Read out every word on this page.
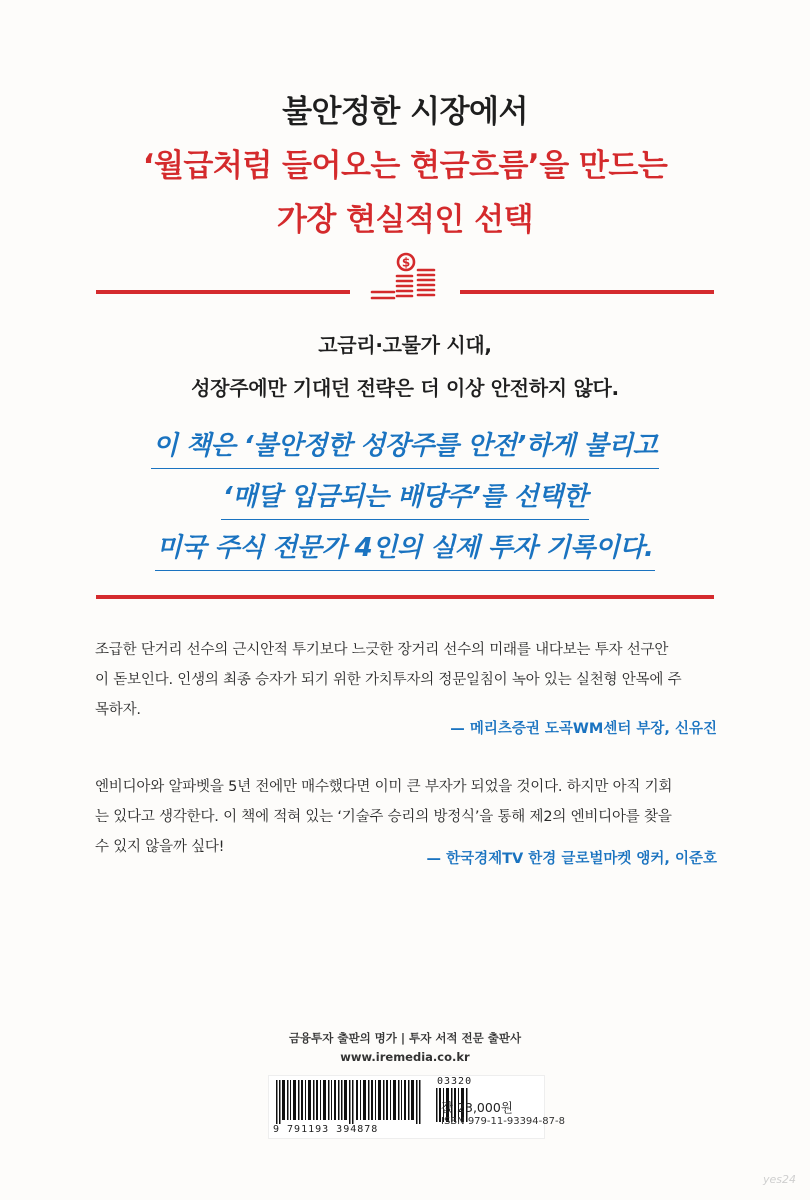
불안정한 시장에서
‘월급처럼 들어오는 현금흐름’을 만드는
가장 현실적인 선택
$
고금리·고물가 시대,
성장주에만 기대던 전략은 더 이상 안전하지 않다.
이 책은 ‘불안정한 성장주를 안전’하게 불리고
‘매달 입금되는 배당주’를 선택한
미국 주식 전문가 4인의 실제 투자 기록이다.
조급한 단거리 선수의 근시안적 투기보다 느긋한 장거리 선수의 미래를 내다보는 투자 선구안
이 돋보인다. 인생의 최종 승자가 되기 위한 가치투자의 정문일침이 녹아 있는 실천형 안목에 주
목하자.
— 메리츠증권 도곡WM센터 부장, 신유진
엔비디아와 알파벳을 5년 전에만 매수했다면 이미 큰 부자가 되었을 것이다. 하지만 아직 기회
는 있다고 생각한다. 이 책에 적혀 있는 ‘기술주 승리의 방정식’을 통해 제2의 엔비디아를 찾을
수 있지 않을까 싶다!
— 한국경제TV 한경 글로벌마켓 앵커, 이준호
금융투자 출판의 명가 | 투자 서적 전문 출판사
www.iremedia.co.kr
03320
9 791193 394878
값 23,000원
ISBN 979-11-93394-87-8
yes24
